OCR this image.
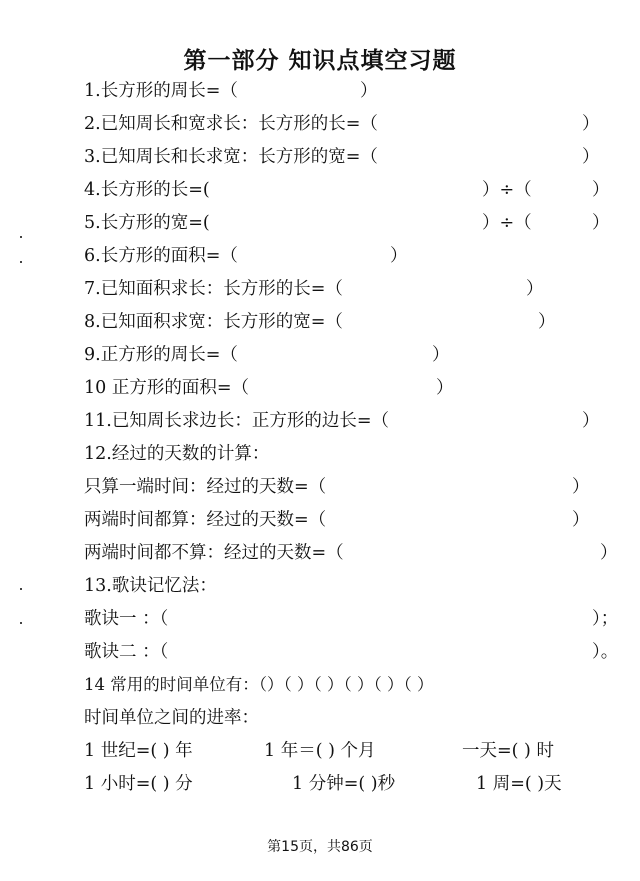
第一部分 知识点填空习题
1.长方形的周长=（	）
2.已知周长和宽求长：长方形的长=（	）
3.已知周长和长求宽：长方形的宽=（	）
4.长方形的长=(	）÷（	）
5.长方形的宽=(	）÷（	）
6.长方形的面积=（	）
7.已知面积求长：长方形的长=（	）
8.已知面积求宽：长方形的宽=（	）
9.正方形的周长=（	）
10 正方形的面积=（	）
11.已知周长求边长：正方形的边长=（	）
12.经过的天数的计算：
只算一端时间：经过的天数=（	）
两端时间都算：经过的天数=（	）
两端时间都不算：经过的天数=（	）
13.歌诀记忆法：
歌诀一 ：（	）；
歌诀二 ：（	）。
14 常用的时间单位有：（）（ ）（ ）（ ）（ ）（ ）
时间单位之间的进率：
1 世纪=( ) 年	1 年＝( ) 个月	一天=( ) 时
1 小时=( ) 分	1 分钟=( )秒	1 周=( )天
第15页，共86页
